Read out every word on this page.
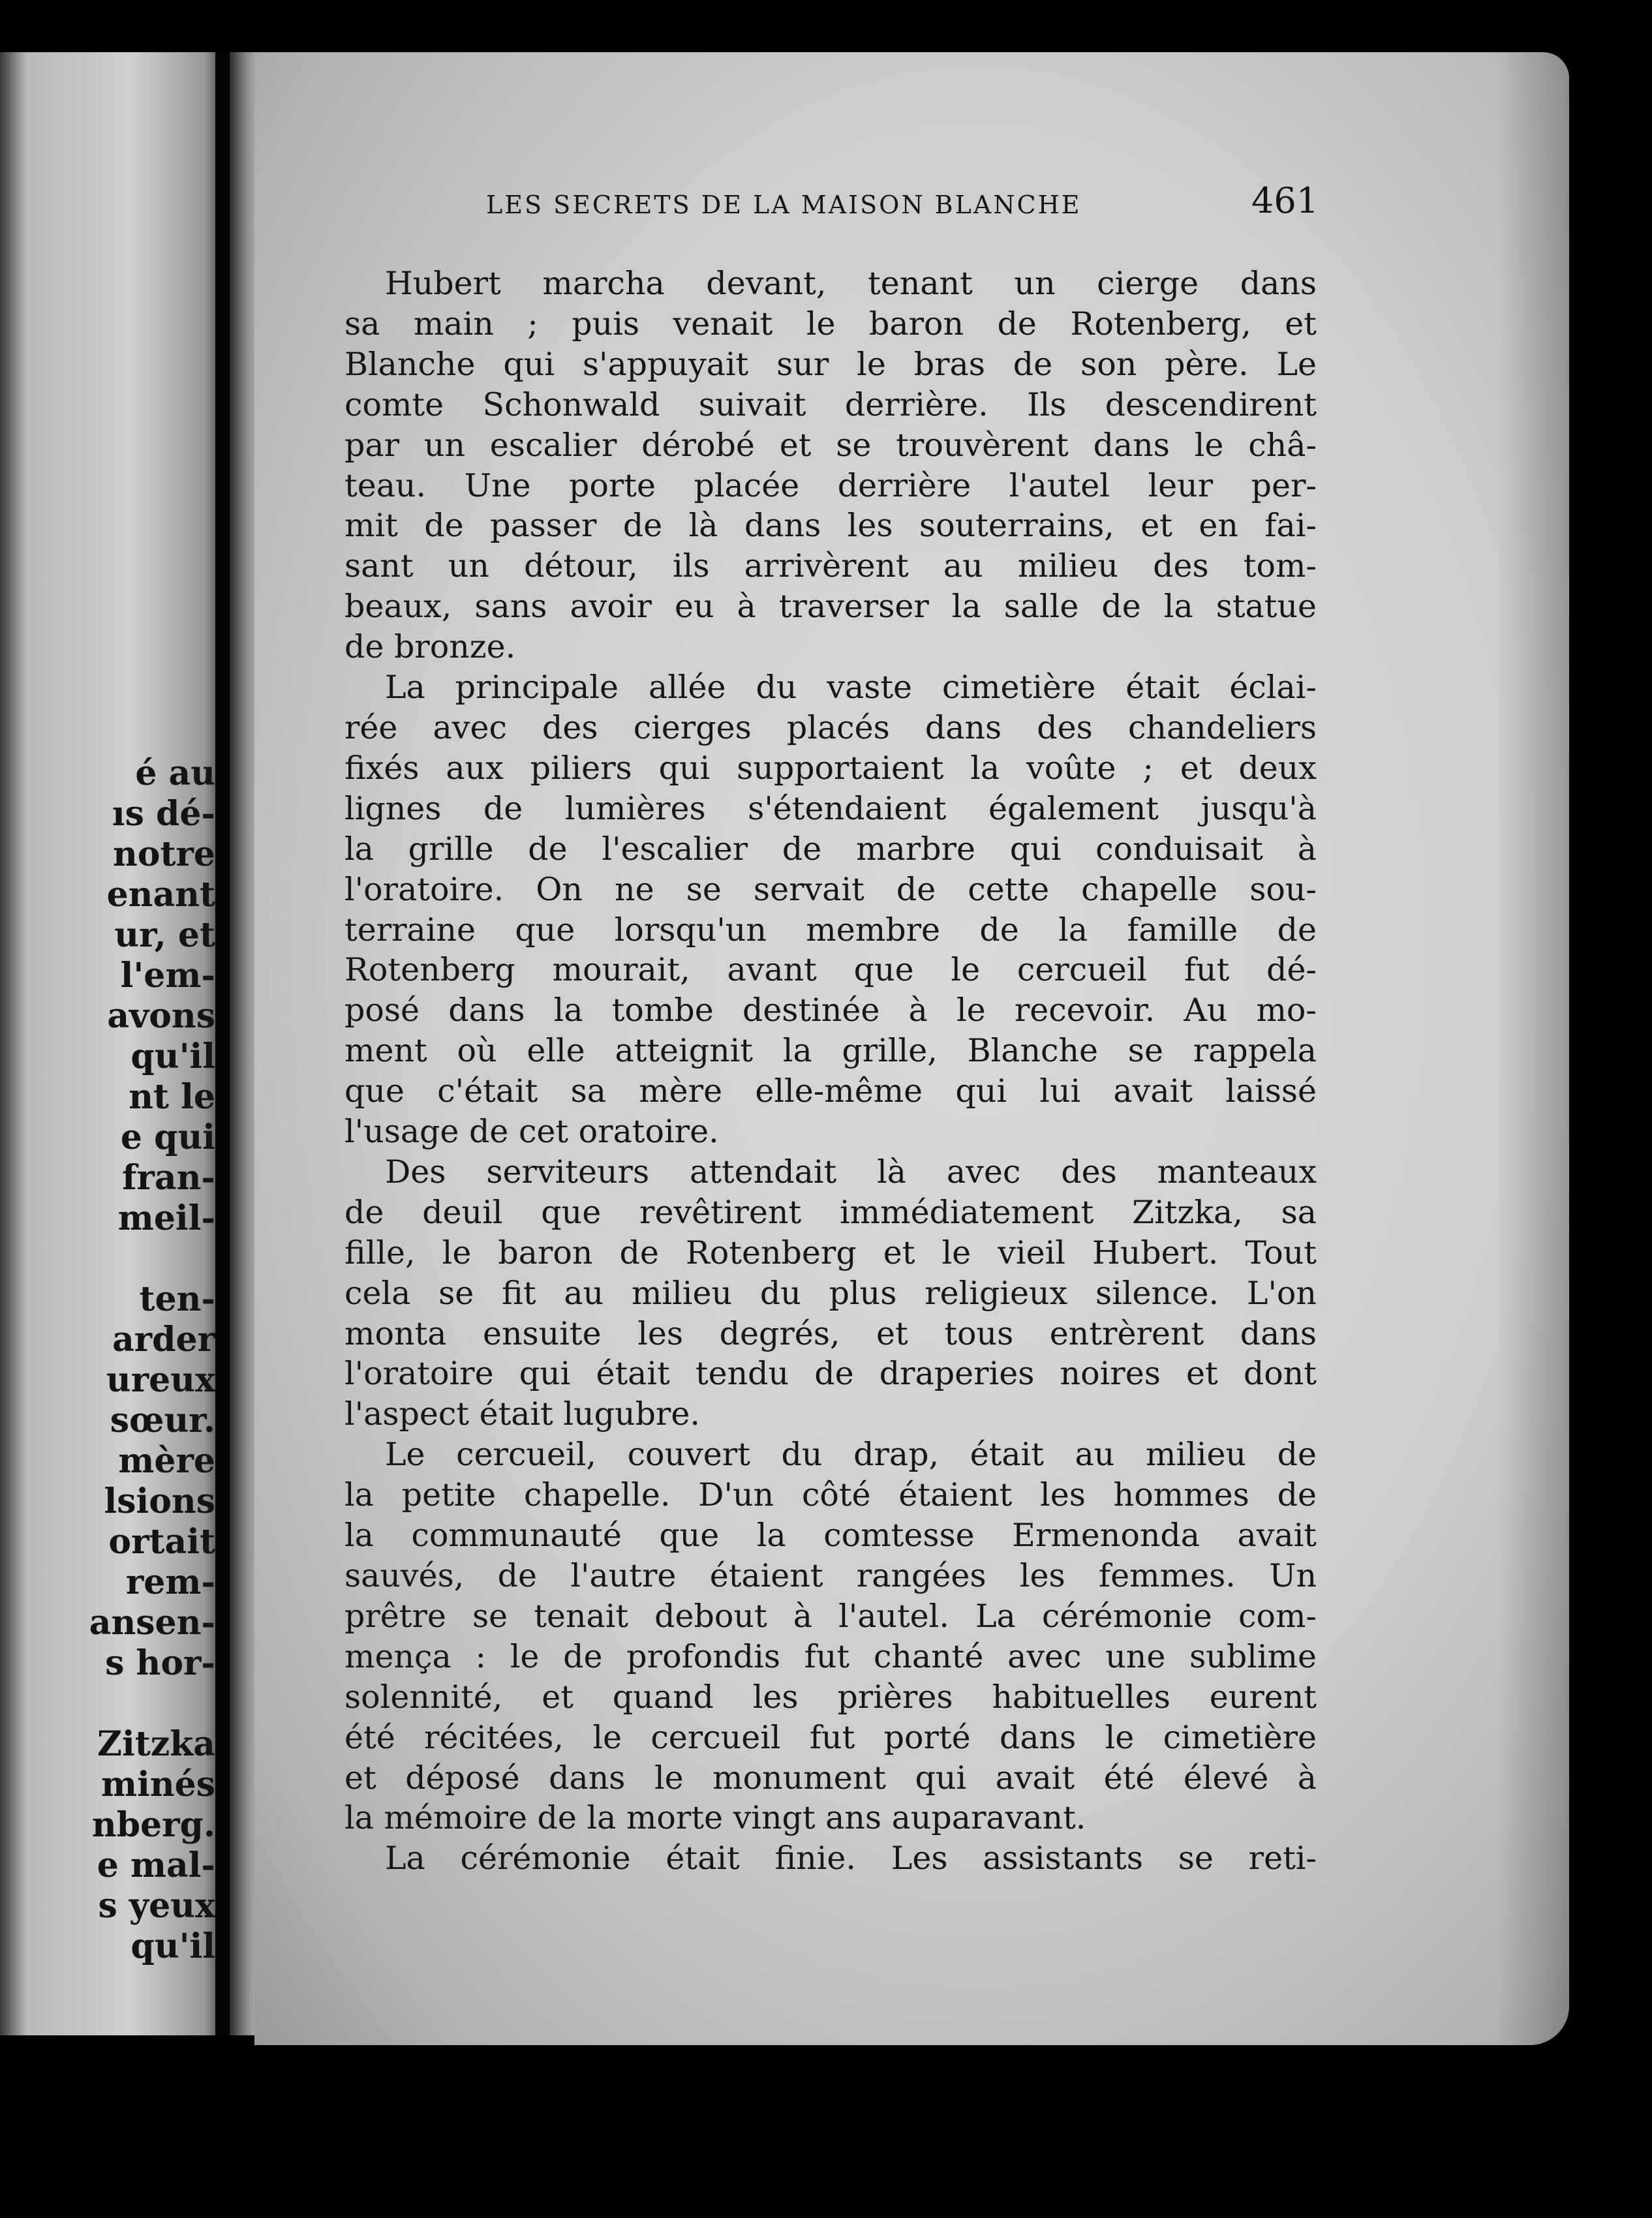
é au
ıs dé-
notre
enant
ur, et
l'em-
avons
qu'il
nt le
e qui
fran-
meil-

ten-
arder
ureux
sœur.
mère
lsions
ortait
rem-
ansen-
s hor-

Zitzka
minés
nberg.
e mal-
s yeux
qu'il
LES SECRETS DE LA MAISON BLANCHE	461
Hubert marcha devant, tenant un cierge dans
sa main ; puis venait le baron de Rotenberg, et
Blanche qui s'appuyait sur le bras de son père. Le
comte Schonwald suivait derrière. Ils descendirent
par un escalier dérobé et se trouvèrent dans le châ-
teau. Une porte placée derrière l'autel leur per-
mit de passer de là dans les souterrains, et en fai-
sant un détour, ils arrivèrent au milieu des tom-
beaux, sans avoir eu à traverser la salle de la statue
de bronze.
La principale allée du vaste cimetière était éclai-
rée avec des cierges placés dans des chandeliers
fixés aux piliers qui supportaient la voûte ; et deux
lignes de lumières s'étendaient également jusqu'à
la grille de l'escalier de marbre qui conduisait à
l'oratoire. On ne se servait de cette chapelle sou-
terraine que lorsqu'un membre de la famille de
Rotenberg mourait, avant que le cercueil fut dé-
posé dans la tombe destinée à le recevoir. Au mo-
ment où elle atteignit la grille, Blanche se rappela
que c'était sa mère elle-même qui lui avait laissé
l'usage de cet oratoire.
Des serviteurs attendait là avec des manteaux
de deuil que revêtirent immédiatement Zitzka, sa
fille, le baron de Rotenberg et le vieil Hubert. Tout
cela se fit au milieu du plus religieux silence. L'on
monta ensuite les degrés, et tous entrèrent dans
l'oratoire qui était tendu de draperies noires et dont
l'aspect était lugubre.
Le cercueil, couvert du drap, était au milieu de
la petite chapelle. D'un côté étaient les hommes de
la communauté que la comtesse Ermenonda avait
sauvés, de l'autre étaient rangées les femmes. Un
prêtre se tenait debout à l'autel. La cérémonie com-
mença : le de profondis fut chanté avec une sublime
solennité, et quand les prières habituelles eurent
été récitées, le cercueil fut porté dans le cimetière
et déposé dans le monument qui avait été élevé à
la mémoire de la morte vingt ans auparavant.
La cérémonie était finie. Les assistants se reti-
